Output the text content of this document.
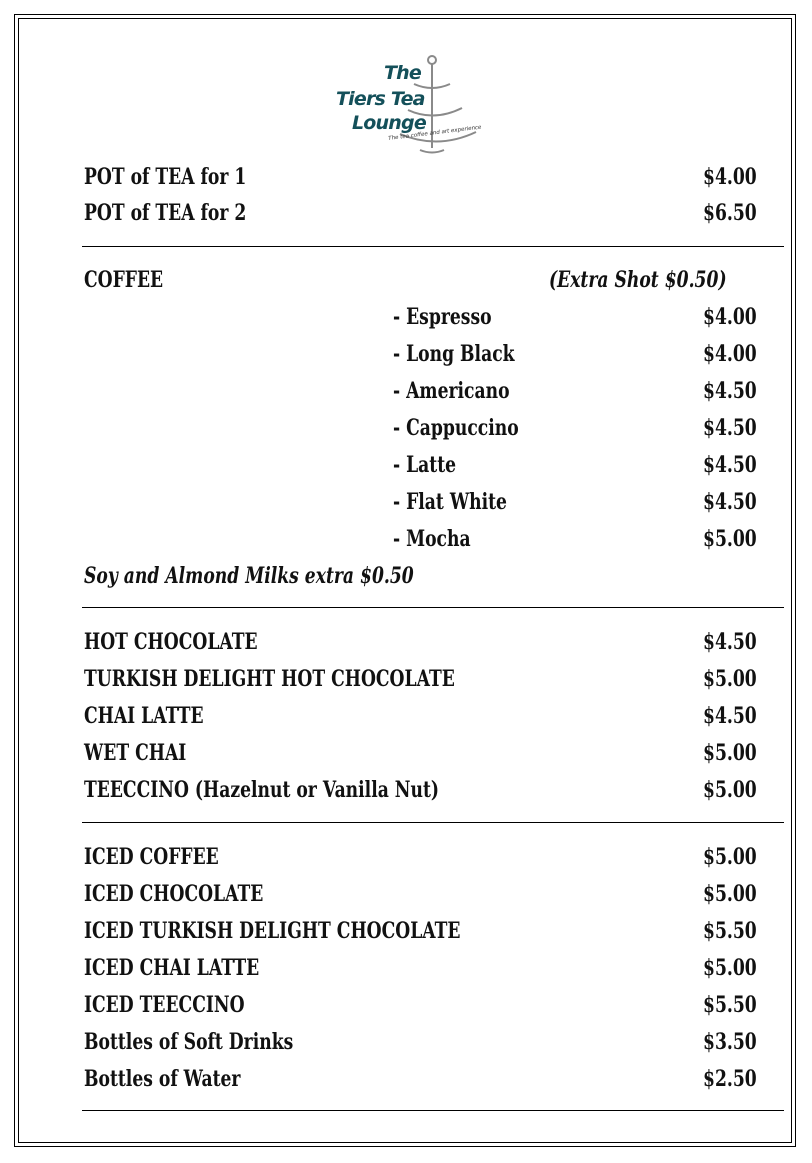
The
Tiers Tea
Lounge
The tea coffee and art experience
POT of TEA for 1	$4.00
POT of TEA for 2	$6.50
COFFEE	(Extra Shot $0.50)
- Espresso	$4.00
- Long Black	$4.00
- Americano	$4.50
- Cappuccino	$4.50
- Latte	$4.50
- Flat White	$4.50
- Mocha	$5.00
Soy and Almond Milks extra $0.50
HOT CHOCOLATE	$4.50
TURKISH DELIGHT HOT CHOCOLATE	$5.00
CHAI LATTE	$4.50
WET CHAI	$5.00
TEECCINO (Hazelnut or Vanilla Nut)	$5.00
ICED COFFEE	$5.00
ICED CHOCOLATE	$5.00
ICED TURKISH DELIGHT CHOCOLATE	$5.50
ICED CHAI LATTE	$5.00
ICED TEECCINO	$5.50
Bottles of Soft Drinks	$3.50
Bottles of Water	$2.50
